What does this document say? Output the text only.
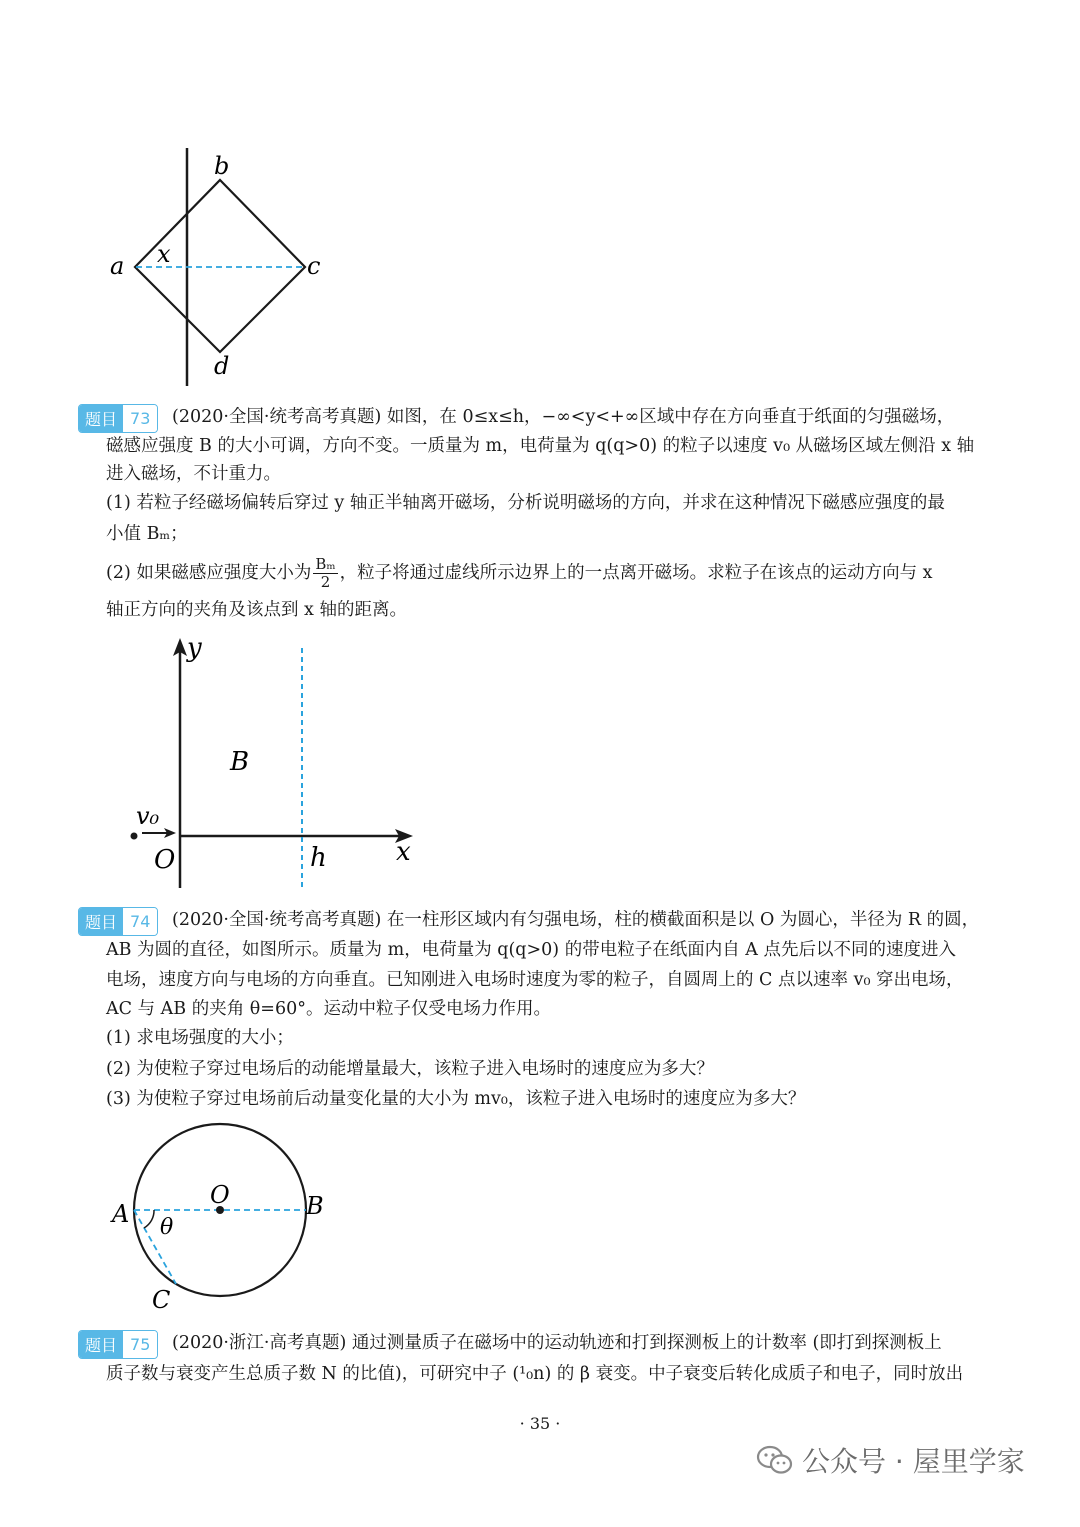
b
a	c
x
d
题目 73	(2020·全国·统考高考真题) 如图，在 0≤x≤h，−∞<y<+∞区域中存在方向垂直于纸面的匀强磁场，
磁感应强度 B 的大小可调，方向不变。一质量为 m，电荷量为 q(q>0) 的粒子以速度 v₀ 从磁场区域左侧沿 x 轴
进入磁场，不计重力。
(1) 若粒子经磁场偏转后穿过 y 轴正半轴离开磁场，分析说明磁场的方向，并求在这种情况下磁感应强度的最
小值 Bₘ；
(2) 如果磁感应强度大小为 $\frac{\text{Bₘ}}{2}$ ，粒子将通过虚线所示边界上的一点离开磁场。求粒子在该点的运动方向与 x
轴正方向的夹角及该点到 x 轴的距离。
y
B
v₀
O	h	x
题目 74	(2020·全国·统考高考真题) 在一柱形区域内有匀强电场，柱的横截面积是以 O 为圆心，半径为 R 的圆，
AB 为圆的直径，如图所示。质量为 m，电荷量为 q(q>0) 的带电粒子在纸面内自 A 点先后以不同的速度进入
电场，速度方向与电场的方向垂直。已知刚进入电场时速度为零的粒子，自圆周上的 C 点以速率 v₀ 穿出电场，
AC 与 AB 的夹角 θ=60°。运动中粒子仅受电场力作用。
(1) 求电场强度的大小；
(2) 为使粒子穿过电场后的动能增量最大，该粒子进入电场时的速度应为多大？
(3) 为使粒子穿过电场前后动量变化量的大小为 mv₀，该粒子进入电场时的速度应为多大？
O
A	B
θ
C
题目 75	(2020·浙江·高考真题) 通过测量质子在磁场中的运动轨迹和打到探测板上的计数率 (即打到探测板上
质子数与衰变产生总质子数 N 的比值)，可研究中子 (¹₀n) 的 β 衰变。中子衰变后转化成质子和电子，同时放出
· 35 ·
公众号 · 屋里学家
